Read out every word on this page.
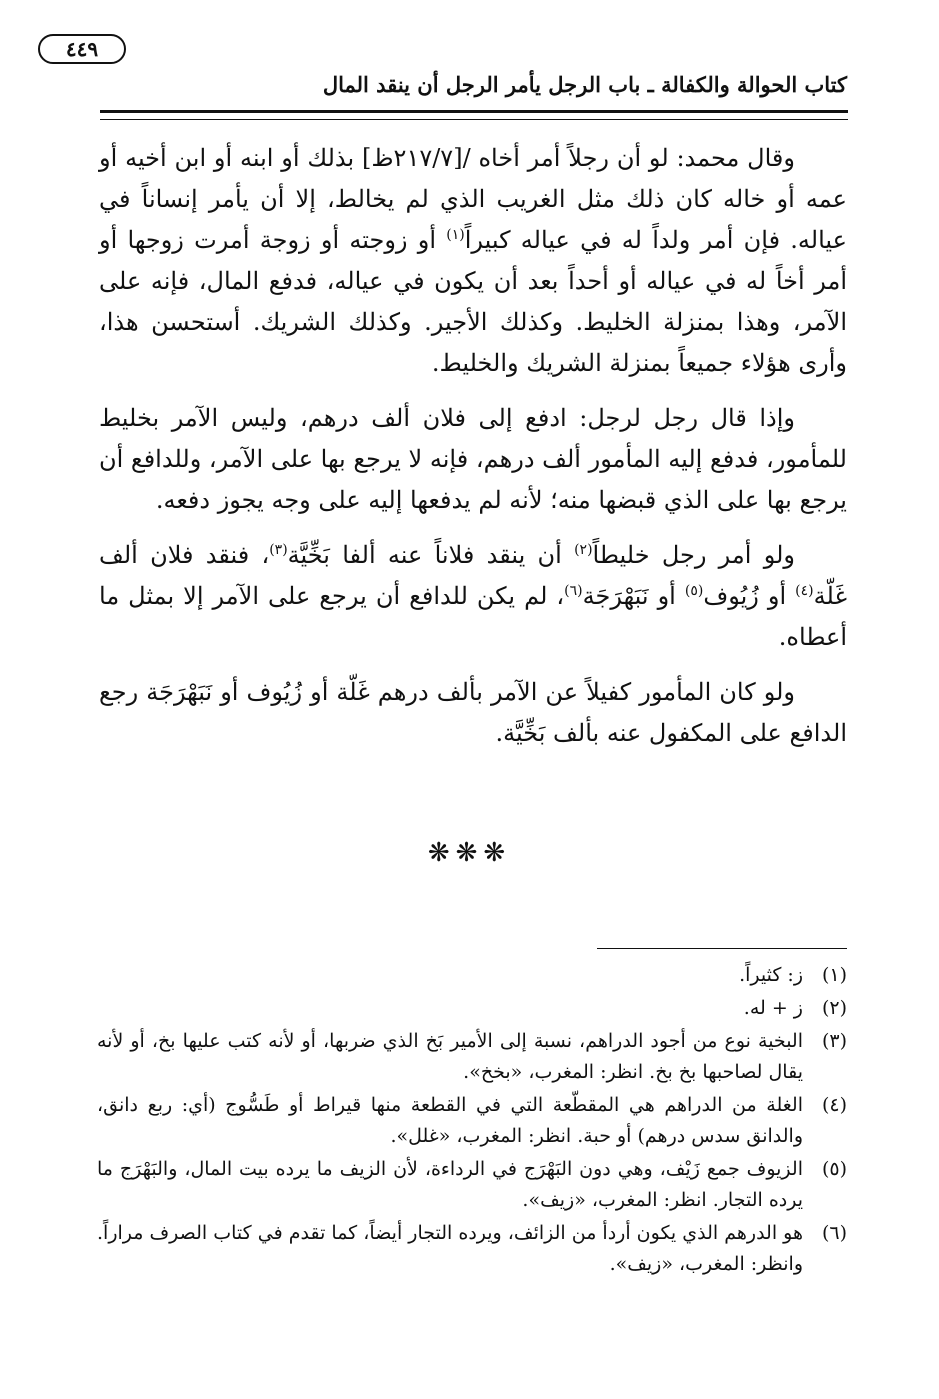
كتاب الحوالة والكفالة ـ باب الرجل يأمر الرجل أن ينقد المال
٤٤٩

وقال محمد: لو أن رجلاً أمر أخاه /[٢١٧/٧ظ] بذلك أو ابنه أو ابن أخيه أو عمه أو خاله كان ذلك مثل الغريب الذي لم يخالط، إلا أن يأمر إنساناً في عياله. فإن أمر ولداً له في عياله كبيراً$^{(١)}$ أو زوجته أو زوجة أمرت زوجها أو أمر أخاً له في عياله أو أحداً بعد أن يكون في عياله، فدفع المال، فإنه على الآمر، وهذا بمنزلة الخليط. وكذلك الأجير. وكذلك الشريك. أستحسن هذا، وأرى هؤلاء جميعاً بمنزلة الشريك والخليط.

وإذا قال رجل لرجل: ادفع إلى فلان ألف درهم، وليس الآمر بخليط للمأمور، فدفع إليه المأمور ألف درهم، فإنه لا يرجع بها على الآمر، وللدافع أن يرجع بها على الذي قبضها منه؛ لأنه لم يدفعها إليه على وجه يجوز دفعه.

ولو أمر رجل خليطاً$^{(٢)}$ أن ينقد فلاناً عنه ألفا بَخِّيَّة$^{(٣)}$، فنقد فلان ألف غَلّة$^{(٤)}$ أو زُيُوف$^{(٥)}$ أو نَبَهْرَجَة$^{(٦)}$، لم يكن للدافع أن يرجع على الآمر إلا بمثل ما أعطاه.

ولو كان المأمور كفيلاً عن الآمر بألف درهم غَلّة أو زُيُوف أو نَبَهْرَجَة رجع الدافع على المكفول عنه بألف بَخِّيَّة.

❋❋❋
(١)
ز: كثيراً.
(٢)
ز + له.
(٣)
البخية نوع من أجود الدراهم، نسبة إلى الأمير بَخ الذي ضربها، أو لأنه كتب عليها بخ، أو لأنه يقال لصاحبها بخ بخ. انظر: المغرب، «بخخ».
(٤)
الغلة من الدراهم هي المقطّعة التي في القطعة منها قيراط أو طَسُّوج (أي: ربع دانق، والدانق سدس درهم) أو حبة. انظر: المغرب، «غلل».
(٥)
الزيوف جمع زَيْف، وهي دون البَهْرَج في الرداءة، لأن الزيف ما يرده بيت المال، والبَهْرَج ما يرده التجار. انظر: المغرب، «زيف».
(٦)
هو الدرهم الذي يكون أردأ من الزائف، ويرده التجار أيضاً، كما تقدم في كتاب الصرف مراراً. وانظر: المغرب، «زيف».
